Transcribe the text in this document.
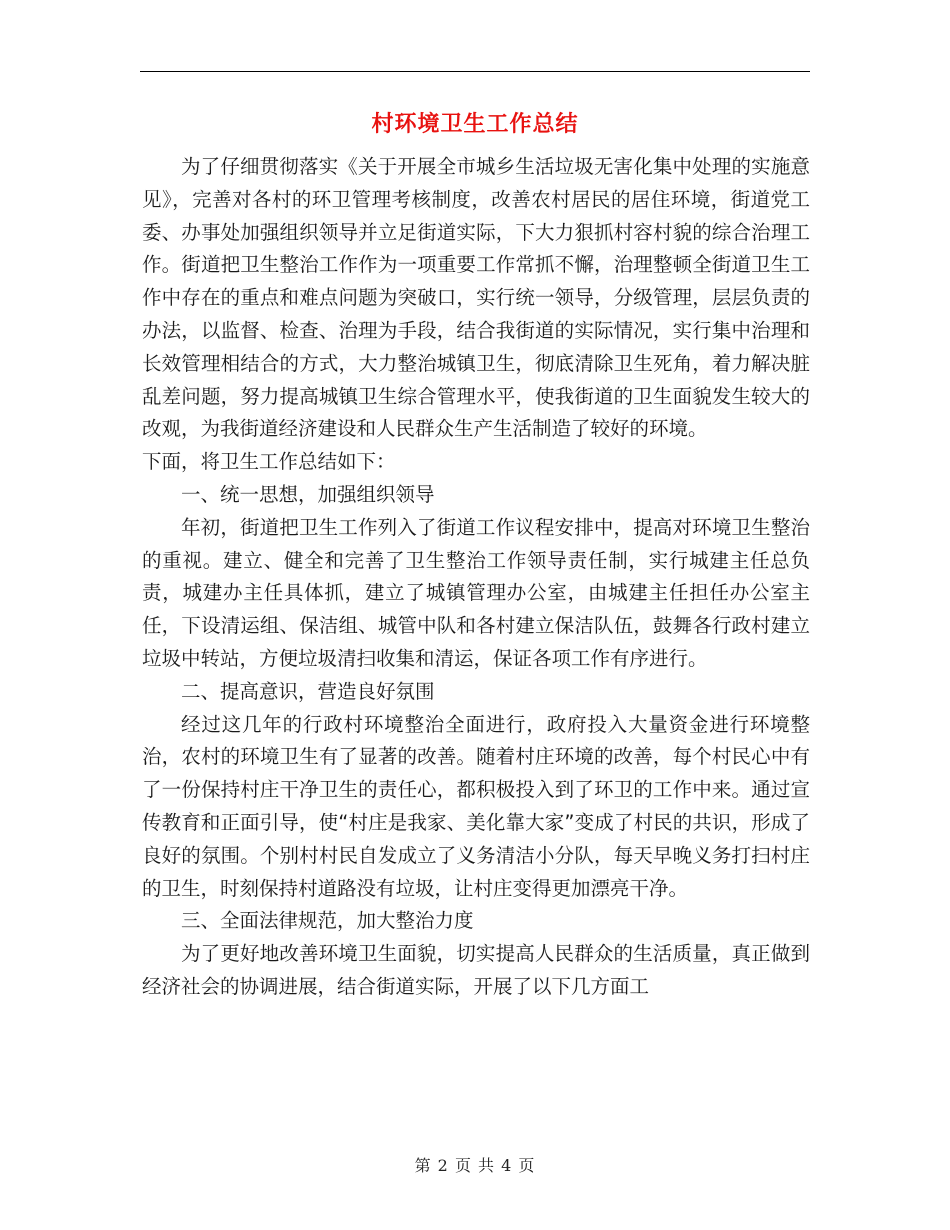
村环境卫生工作总结

为了仔细贯彻落实《关于开展全市城乡生活垃圾无害化集中处理的实施意见》，完善对各村的环卫管理考核制度，改善农村居民的居住环境，街道党工委、办事处加强组织领导并立足街道实际，下大力狠抓村容村貌的综合治理工作。街道把卫生整治工作作为一项重要工作常抓不懈，治理整顿全街道卫生工作中存在的重点和难点问题为突破口，实行统一领导，分级管理，层层负责的办法，以监督、检查、治理为手段，结合我街道的实际情况，实行集中治理和长效管理相结合的方式，大力整治城镇卫生，彻底清除卫生死角，着力解决脏乱差问题，努力提高城镇卫生综合管理水平，使我街道的卫生面貌发生较大的改观，为我街道经济建设和人民群众生产生活制造了较好的环境。

下面，将卫生工作总结如下：

一、统一思想，加强组织领导

年初，街道把卫生工作列入了街道工作议程安排中，提高对环境卫生整治的重视。建立、健全和完善了卫生整治工作领导责任制，实行城建主任总负责，城建办主任具体抓，建立了城镇管理办公室，由城建主任担任办公室主任，下设清运组、保洁组、城管中队和各村建立保洁队伍，鼓舞各行政村建立垃圾中转站，方便垃圾清扫收集和清运，保证各项工作有序进行。

二、提高意识，营造良好氛围

经过这几年的行政村环境整治全面进行，政府投入大量资金进行环境整治，农村的环境卫生有了显著的改善。随着村庄环境的改善，每个村民心中有了一份保持村庄干净卫生的责任心，都积极投入到了环卫的工作中来。通过宣传教育和正面引导，使“村庄是我家、美化靠大家”变成了村民的共识，形成了良好的氛围。个别村村民自发成立了义务清洁小分队，每天早晚义务打扫村庄的卫生，时刻保持村道路没有垃圾，让村庄变得更加漂亮干净。

三、全面法律规范，加大整治力度

为了更好地改善环境卫生面貌，切实提高人民群众的生活质量，真正做到经济社会的协调进展，结合街道实际，开展了以下几方面工

第 2 页 共 4 页
